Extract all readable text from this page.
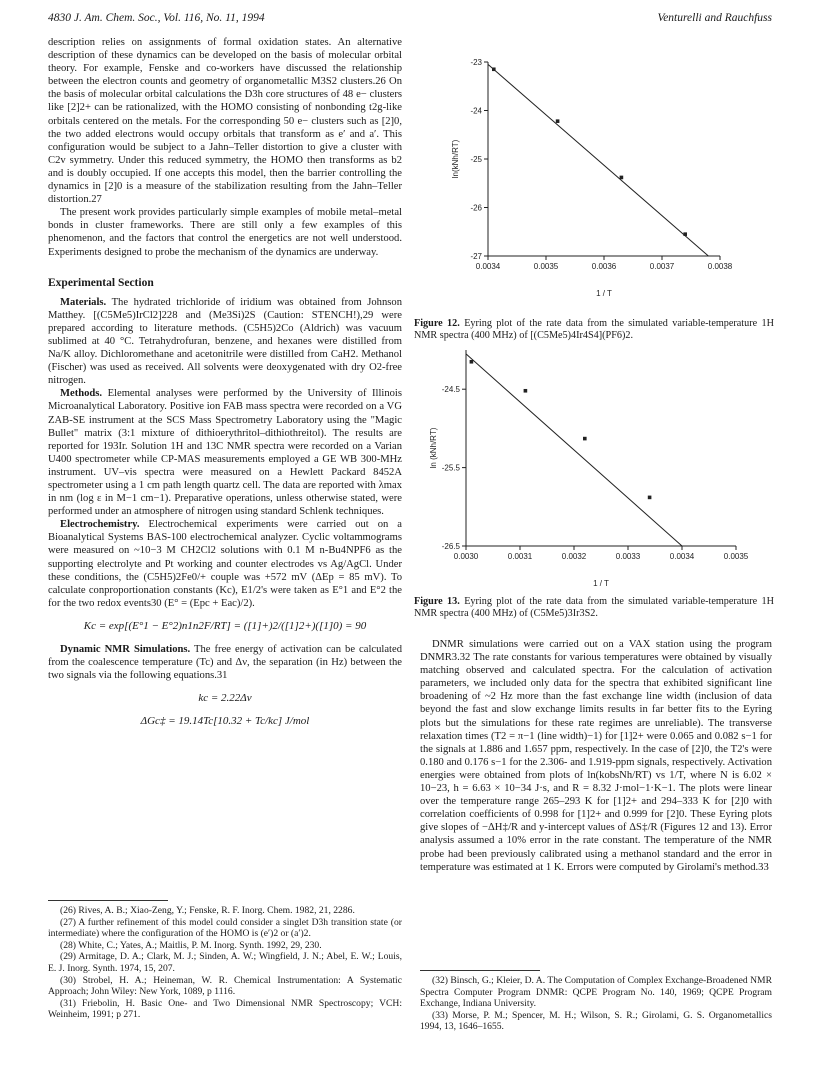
4830 J. Am. Chem. Soc., Vol. 116, No. 11, 1994	Venturelli and Rauchfuss

description relies on assignments of formal oxidation states. An alternative description of these dynamics can be developed on the basis of molecular orbital theory. For example, Fenske and co-workers have discussed the relationship between the electron counts and geometry of organometallic M3S2 clusters.26 On the basis of molecular orbital calculations the D3h core structures of 48 e− clusters like [2]2+ can be rationalized, with the HOMO consisting of nonbonding t2g-like orbitals centered on the metals. For the corresponding 50 e− clusters such as [2]0, the two added electrons would occupy orbitals that transform as e′ and a′. This configuration would be subject to a Jahn–Teller distortion to give a cluster with C2v symmetry. Under this reduced symmetry, the HOMO then transforms as b2 and is doubly occupied. If one accepts this model, then the barrier controlling the dynamics in [2]0 is a measure of the stabilization resulting from the Jahn–Teller distortion.27

The present work provides particularly simple examples of mobile metal–metal bonds in cluster frameworks. There are still only a few examples of this phenomenon, and the factors that control the energetics are not well understood. Experiments designed to probe the mechanism of the dynamics are underway.

Experimental Section

Materials. The hydrated trichloride of iridium was obtained from Johnson Matthey. [(C5Me5)IrCl2]228 and (Me3Si)2S (Caution: STENCH!),29 were prepared according to literature methods. (C5H5)2Co (Aldrich) was vacuum sublimed at 40 °C. Tetrahydrofuran, benzene, and hexanes were distilled from Na/K alloy. Dichloromethane and acetonitrile were distilled from CaH2. Methanol (Fischer) was used as received. All solvents were deoxygenated with dry O2-free nitrogen.

Methods. Elemental analyses were performed by the University of Illinois Microanalytical Laboratory. Positive ion FAB mass spectra were recorded on a VG ZAB-SE instrument at the SCS Mass Spectrometry Laboratory using the "Magic Bullet" matrix (3:1 mixture of dithioerythritol–dithiothreitol). The results are reported for 193Ir. Solution 1H and 13C NMR spectra were recorded on a Varian U400 spectrometer while CP-MAS measurements employed a GE WB 300-MHz instrument. UV–vis spectra were measured on a Hewlett Packard 8452A spectrometer using a 1 cm path length quartz cell. The data are reported with λmax in nm (log ε in M−1 cm−1). Preparative operations, unless otherwise stated, were performed under an atmosphere of nitrogen using standard Schlenk techniques.

Electrochemistry. Electrochemical experiments were carried out on a Bioanalytical Systems BAS-100 electrochemical analyzer. Cyclic voltammograms were measured on ~10−3 M CH2Cl2 solutions with 0.1 M n-Bu4NPF6 as the supporting electrolyte and Pt working and counter electrodes vs Ag/AgCl. Under these conditions, the (C5H5)2Fe0/+ couple was +572 mV (ΔEp = 85 mV). To calculate conproportionation constants (Kc), E1/2's were taken as E°1 and E°2 the for the two redox events30 (E° = (Epc + Eac)/2).

Kc = exp[(E°1 − E°2)n1n2F/RT] = ([1]+)2/([1]2+)([1]0) = 90

Dynamic NMR Simulations. The free energy of activation can be calculated from the coalescence temperature (Tc) and Δν, the separation (in Hz) between the two signals via the following equations.31

kc = 2.22Δν

ΔGc‡ = 19.14Tc[10.32 + Tc/kc] J/mol

(26) Rives, A. B.; Xiao-Zeng, Y.; Fenske, R. F. Inorg. Chem. 1982, 21, 2286.

(27) A further refinement of this model could consider a singlet D3h transition state (or intermediate) where the configuration of the HOMO is (e′)2 or (a′)2.

(28) White, C.; Yates, A.; Maitlis, P. M. Inorg. Synth. 1992, 29, 230.

(29) Armitage, D. A.; Clark, M. J.; Sinden, A. W.; Wingfield, J. N.; Abel, E. W.; Louis, E. J. Inorg. Synth. 1974, 15, 207.

(30) Strobel, H. A.; Heineman, W. R. Chemical Instrumentation: A Systematic Approach; John Wiley: New York, 1089, p 1116.

(31) Friebolin, H. Basic One- and Two Dimensional NMR Spectroscopy; VCH: Weinheim, 1991; p 271.

0.0034	0.0035	0.0036	0.0037	0.0038
-23
-24
-25
-26
-27
1 / T
ln(kNh/RT)
Figure 12. Eyring plot of the rate data from the simulated variable-temperature 1H NMR spectra (400 MHz) of [(C5Me5)4Ir4S4](PF6)2.
0.0030	0.0031	0.0032	0.0033	0.0034	0.0035
-24.5
-25.5
-26.5
1 / T
ln (kNh/RT)
Figure 13. Eyring plot of the rate data from the simulated variable-temperature 1H NMR spectra (400 MHz) of (C5Me5)3Ir3S2.

DNMR simulations were carried out on a VAX station using the program DNMR3.32 The rate constants for various temperatures were obtained by visually matching observed and calculated spectra. For the calculation of activation parameters, we included only data for the spectra that exhibited significant line broadening of ~2 Hz more than the fast exchange line width (inclusion of data beyond the fast and slow exchange limits results in far better fits to the Eyring plots but the simulations for these rate regimes are unreliable). The transverse relaxation times (T2 = π−1 (line width)−1) for [1]2+ were 0.065 and 0.082 s−1 for the signals at 1.886 and 1.657 ppm, respectively. In the case of [2]0, the T2's were 0.180 and 0.176 s−1 for the 2.306- and 1.919-ppm signals, respectively. Activation energies were obtained from plots of ln(kobsNh/RT) vs 1/T, where N is 6.02 × 10−23, h = 6.63 × 10−34 J·s, and R = 8.32 J·mol−1·K−1. The plots were linear over the temperature range 265–293 K for [1]2+ and 294–333 K for [2]0 with correlation coefficients of 0.998 for [1]2+ and 0.999 for [2]0. These Eyring plots give slopes of −ΔH‡/R and y-intercept values of ΔS‡/R (Figures 12 and 13). Error analysis assumed a 10% error in the rate constant. The temperature of the NMR probe had been previously calibrated using a methanol standard and the error in temperature was estimated at 1 K. Errors were computed by Girolami's method.33

(32) Binsch, G.; Kleier, D. A. The Computation of Complex Exchange-Broadened NMR Spectra Computer Program DNMR: QCPE Program No. 140, 1969; QCPE Program Exchange, Indiana University.

(33) Morse, P. M.; Spencer, M. H.; Wilson, S. R.; Girolami, G. S. Organometallics 1994, 13, 1646–1655.
